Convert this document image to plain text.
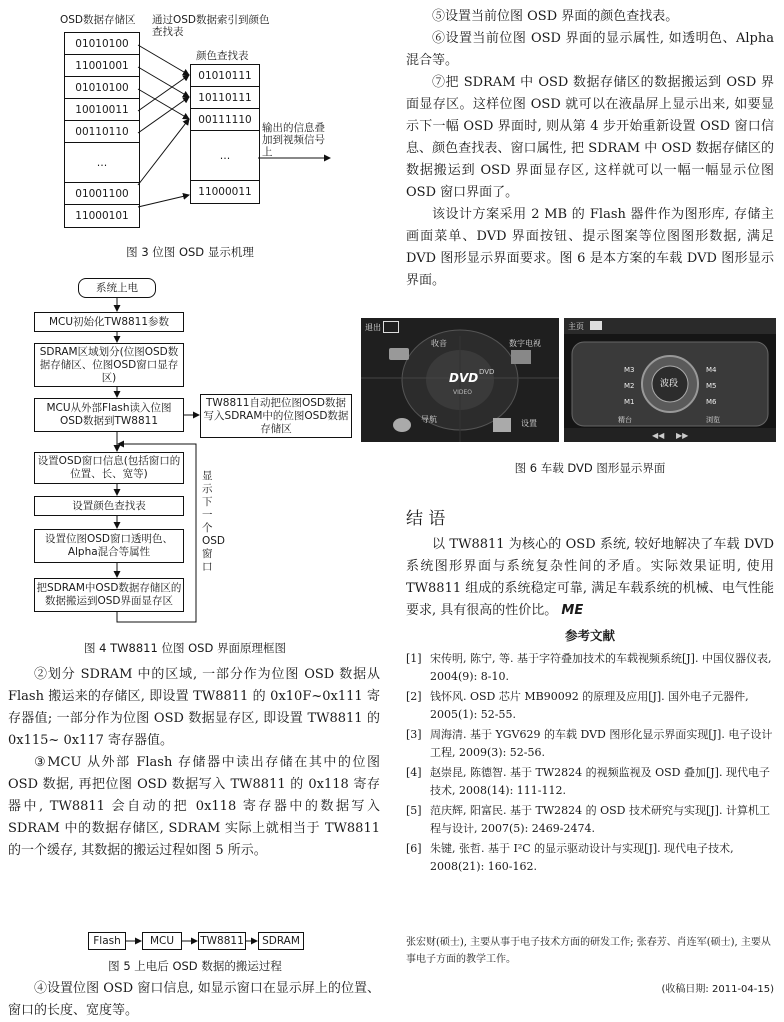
OSD数据存储区 通过OSD数据索引到颜色查找表
01010100
11001001
01010100
10010011
00110110
…
01001100
11000101
颜色查找表
01010111
10110111
00111110
…
11000011
输出的信息叠加到视频信号上
图 3 位图 OSD 显示机理
系统上电
MCU初始化TW8811参数
SDRAM区域划分(位图OSD数据存储区、位图OSD窗口显存区)
MCU从外部Flash读入位图OSD数据到TW8811
TW8811自动把位图OSD数据写入SDRAM中的位图OSD数据存储区
设置OSD窗口信息(包括窗口的位置、长、宽等)
设置颜色查找表
设置位图OSD窗口透明色、Alpha混合等属性
把SDRAM中OSD数据存储区的数据搬运到OSD界面显存区
显示下一个OSD窗口
图 4 TW8811 位图 OSD 界面原理框图

②划分 SDRAM 中的区域, 一部分作为位图 OSD 数据从 Flash 搬运来的存储区, 即设置 TW8811 的 0x10F~0x111 寄存器值; 一部分作为位图 OSD 数据显存区, 即设置 TW8811 的 0x115~ 0x117 寄存器值。

③MCU 从外部 Flash 存储器中读出存储在其中的位图 OSD 数据, 再把位图 OSD 数据写入 TW8811 的 0x118 寄存器中, TW8811 会自动的把 0x118 寄存器中的数据写入 SDRAM 中的数据存储区, SDRAM 实际上就相当于 TW8811 的一个缓存, 其数据的搬运过程如图 5 所示。

Flash	MCU	TW8811	SDRAM
图 5 上电后 OSD 数据的搬运过程

④设置位图 OSD 窗口信息, 如显示窗口在显示屏上的位置、窗口的长度、宽度等。

⑤设置当前位图 OSD 界面的颜色查找表。

⑥设置当前位图 OSD 界面的显示属性, 如透明色、Alpha 混合等。

⑦把 SDRAM 中 OSD 数据存储区的数据搬运到 OSD 界面显存区。这样位图 OSD 就可以在液晶屏上显示出来, 如要显示下一幅 OSD 界面时, 则从第 4 步开始重新设置 OSD 窗口信息、颜色查找表、窗口属性, 把 SDRAM 中 OSD 数据存储区的数据搬运到 OSD 界面显存区, 这样就可以一幅一幅显示位图 OSD 窗口界面了。

该设计方案采用 2 MB 的 Flash 器件作为图形库, 存储主画面菜单、DVD 界面按钮、提示图案等位图图形数据, 满足 DVD 图形显示界面要求。图 6 是本方案的车载 DVD 图形显示界面。

退出
收音	数字电视
DVD DVD
VIDEO
导航	设置
主页
M3
M2
M1
M4
M5
M6
波段
精台	浏览
◀◀ ▶▶
图 6 车载 DVD 图形显示界面
结 语

以 TW8811 为核心的 OSD 系统, 较好地解决了车载 DVD 系统图形界面与系统复杂性间的矛盾。实际效果证明, 使用 TW8811 组成的系统稳定可靠, 满足车载系统的机械、电气性能要求, 具有很高的性价比。 ME

参考文献
[1] 宋传明, 陈宁, 等. 基于字符叠加技术的车载视频系统[J]. 中国仪器仪表, 2004(9): 8-10.
[2] 钱怀风. OSD 芯片 MB90092 的原理及应用[J]. 国外电子元器件, 2005(1): 52-55.
[3] 周海清. 基于 YGV629 的车载 DVD 图形化显示界面实现[J]. 电子设计工程, 2009(3): 52-56.
[4] 赵崇昆, 陈德智. 基于 TW2824 的视频监视及 OSD 叠加[J]. 现代电子技术, 2008(14): 111-112.
[5] 范庆辉, 阳富民. 基于 TW2824 的 OSD 技术研究与实现[J]. 计算机工程与设计, 2007(5): 2469-2474.
[6] 朱键, 张哲. 基于 I²C 的显示驱动设计与实现[J]. 现代电子技术, 2008(21): 160-162.
张宏财(硕士), 主要从事于电子技术方面的研发工作; 张春芳、肖连军(硕士), 主要从事电子方面的教学工作。
(收稿日期: 2011-04-15)
